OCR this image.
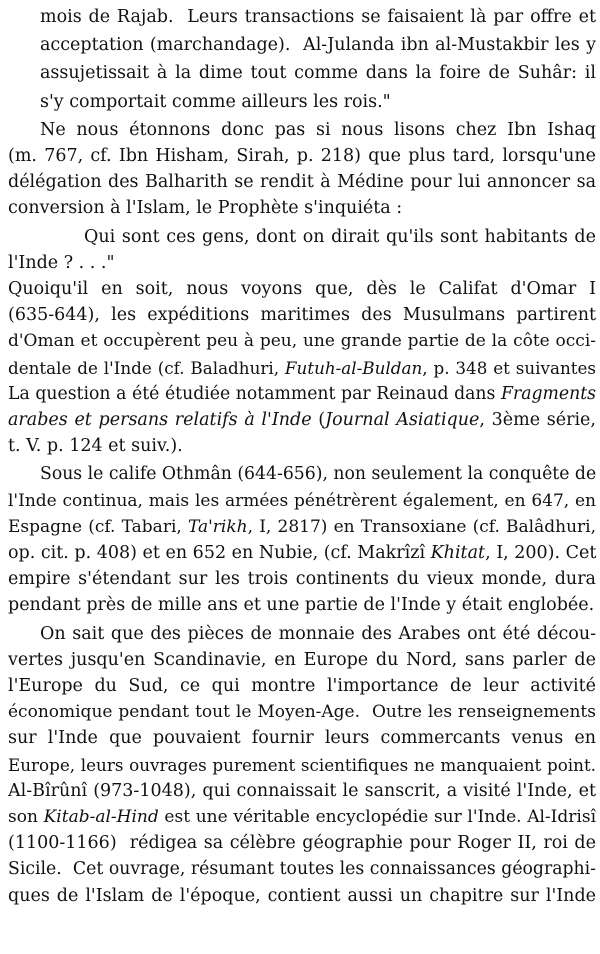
mois de Rajab.  Leurs transactions se faisaient là par offre et
acceptation (marchandage).  Al-Julanda ibn al-Mustakbir les y
assujetissait à la dime tout comme dans la foire de Suhâr: il
s'y comportait comme ailleurs les rois."
Ne nous étonnons donc pas si nous lisons chez Ibn Ishaq
(m. 767, cf. Ibn Hisham, Sirah, p. 218) que plus tard, lorsqu'une
délégation des Balharith se rendit à Médine pour lui annoncer sa
conversion à l'Islam, le Prophète s'inquiéta :
Qui sont ces gens, dont on dirait qu'ils sont habitants de
l'Inde ? . . ."
Quoiqu'il en soit, nous voyons que, dès le Califat d'Omar I
(635-644), les expéditions maritimes des Musulmans partirent
d'Oman et occupèrent peu à peu, une grande partie de la côte occi-
dentale de l'Inde (cf. Baladhuri, Futuh-al-Buldan, p. 348 et suivantes
La question a été étudiée notamment par Reinaud dans Fragments
arabes et persans relatifs à l'Inde (Journal Asiatique, 3ème série,
t. V. p. 124 et suiv.).
Sous le calife Othmân (644-656), non seulement la conquête de
l'Inde continua, mais les armées pénétrèrent également, en 647, en
Espagne (cf. Tabari, Ta'rikh, I, 2817) en Transoxiane (cf. Balâdhuri,
op. cit. p. 408) et en 652 en Nubie, (cf. Makrîzî Khitat, I, 200). Cet
empire s'étendant sur les trois continents du vieux monde, dura
pendant près de mille ans et une partie de l'Inde y était englobée.
On sait que des pièces de monnaie des Arabes ont été décou-
vertes jusqu'en Scandinavie, en Europe du Nord, sans parler de
l'Europe du Sud, ce qui montre l'importance de leur activité
économique pendant tout le Moyen-Age.  Outre les renseignements
sur l'Inde que pouvaient fournir leurs commercants venus en
Europe, leurs ouvrages purement scientifiques ne manquaient point.
Al-Bîrûnî (973-1048), qui connaissait le sanscrit, a visité l'Inde, et
son Kitab-al-Hind est une véritable encyclopédie sur l'Inde. Al-Idrisî
(1100-1166)  rédigea sa célèbre géographie pour Roger II, roi de
Sicile.  Cet ouvrage, résumant toutes les connaissances géographi-
ques de l'Islam de l'époque, contient aussi un chapitre sur l'Inde
